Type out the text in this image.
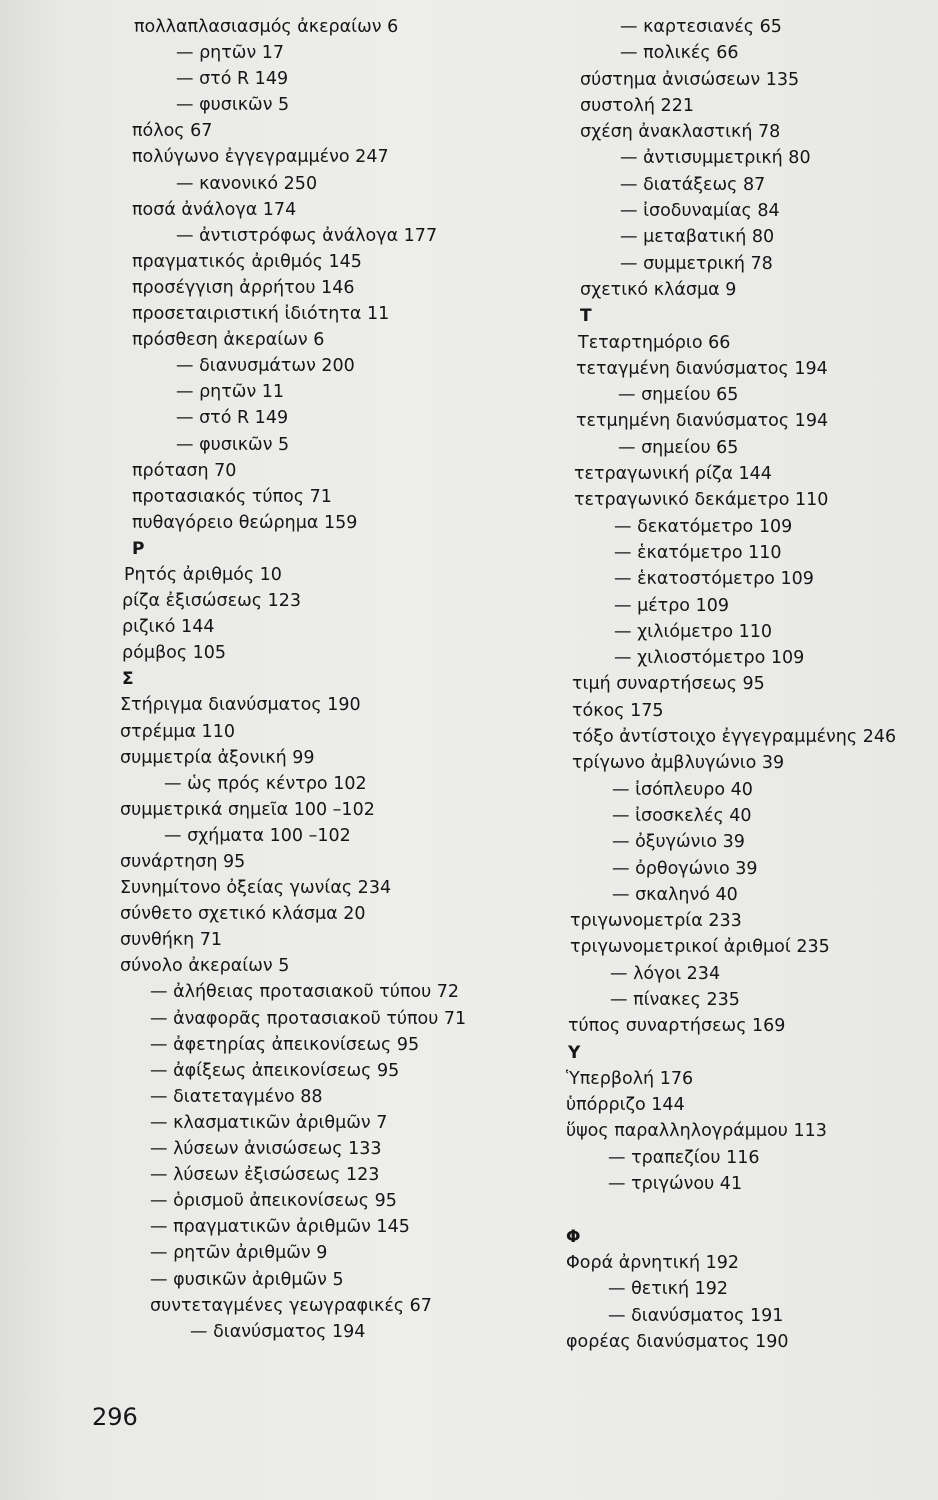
πολλαπλασιασμός ἀκεραίων 6
— ρητῶν 17
— στό R 149
— φυσικῶν 5
πόλος 67
πολύγωνο ἐγγεγραμμένο 247
— κανονικό 250
ποσά ἀνάλογα 174
— ἀντιστρόφως ἀνάλογα 177
πραγματικός ἀριθμός 145
προσέγγιση ἀρρήτου 146
προσεταιριστική ἰδιότητα 11
πρόσθεση ἀκεραίων 6
— διανυσμάτων 200
— ρητῶν 11
— στό R 149
— φυσικῶν 5
πρόταση 70
προτασιακός τύπος 71
πυθαγόρειο θεώρημα 159
P
Ρητός ἀριθμός 10
ρίζα ἐξισώσεως 123
ριζικό 144
ρόμβος 105
Σ
Στήριγμα διανύσματος 190
στρέμμα 110
συμμετρία ἀξονική 99
— ὡς πρός κέντρο 102
συμμετρικά σημεῖα 100 –102
— σχήματα 100 –102
συνάρτηση 95
Συνημίτονο ὀξείας γωνίας 234
σύνθετο σχετικό κλάσμα 20
συνθήκη 71
σύνολο ἀκεραίων 5
— ἀλήθειας προτασιακοῦ τύπου 72
— ἀναφορᾶς προτασιακοῦ τύπου 71
— ἀφετηρίας ἀπεικονίσεως 95
— ἀφίξεως ἀπεικονίσεως 95
— διατεταγμένο 88
— κλασματικῶν ἀριθμῶν 7
— λύσεων ἀνισώσεως 133
— λύσεων ἐξισώσεως 123
— ὁρισμοῦ ἀπεικονίσεως 95
— πραγματικῶν ἀριθμῶν 145
— ρητῶν ἀριθμῶν 9
— φυσικῶν ἀριθμῶν 5
συντεταγμένες γεωγραφικές 67
— διανύσματος 194
— καρτεσιανές 65
— πολικές 66
σύστημα ἀνισώσεων 135
συστολή 221
σχέση ἀνακλαστική 78
— ἀντισυμμετρική 80
— διατάξεως 87
— ἰσοδυναμίας 84
— μεταβατική 80
— συμμετρική 78
σχετικό κλάσμα 9
T
Τεταρτημόριο 66
τεταγμένη διανύσματος 194
— σημείου 65
τετμημένη διανύσματος 194
— σημείου 65
τετραγωνική ρίζα 144
τετραγωνικό δεκάμετρο 110
— δεκατόμετρο 109
— ἑκατόμετρο 110
— ἑκατοστόμετρο 109
— μέτρο 109
— χιλιόμετρο 110
— χιλιοστόμετρο 109
τιμή συναρτήσεως 95
τόκος 175
τόξο ἀντίστοιχο ἐγγεγραμμένης 246
τρίγωνο ἀμβλυγώνιο 39
— ἰσόπλευρο 40
— ἰσοσκελές 40
— ὀξυγώνιο 39
— ὀρθογώνιο 39
— σκαληνό 40
τριγωνομετρία 233
τριγωνομετρικοί ἀριθμοί 235
— λόγοι 234
— πίνακες 235
τύπος συναρτήσεως 169
Y
Ὑπερβολή 176
ὑπόρριζο 144
ὕψος παραλληλογράμμου 113
— τραπεζίου 116
— τριγώνου 41
Φ
Φορά ἀρνητική 192
— θετική 192
— διανύσματος 191
φορέας διανύσματος 190
296
